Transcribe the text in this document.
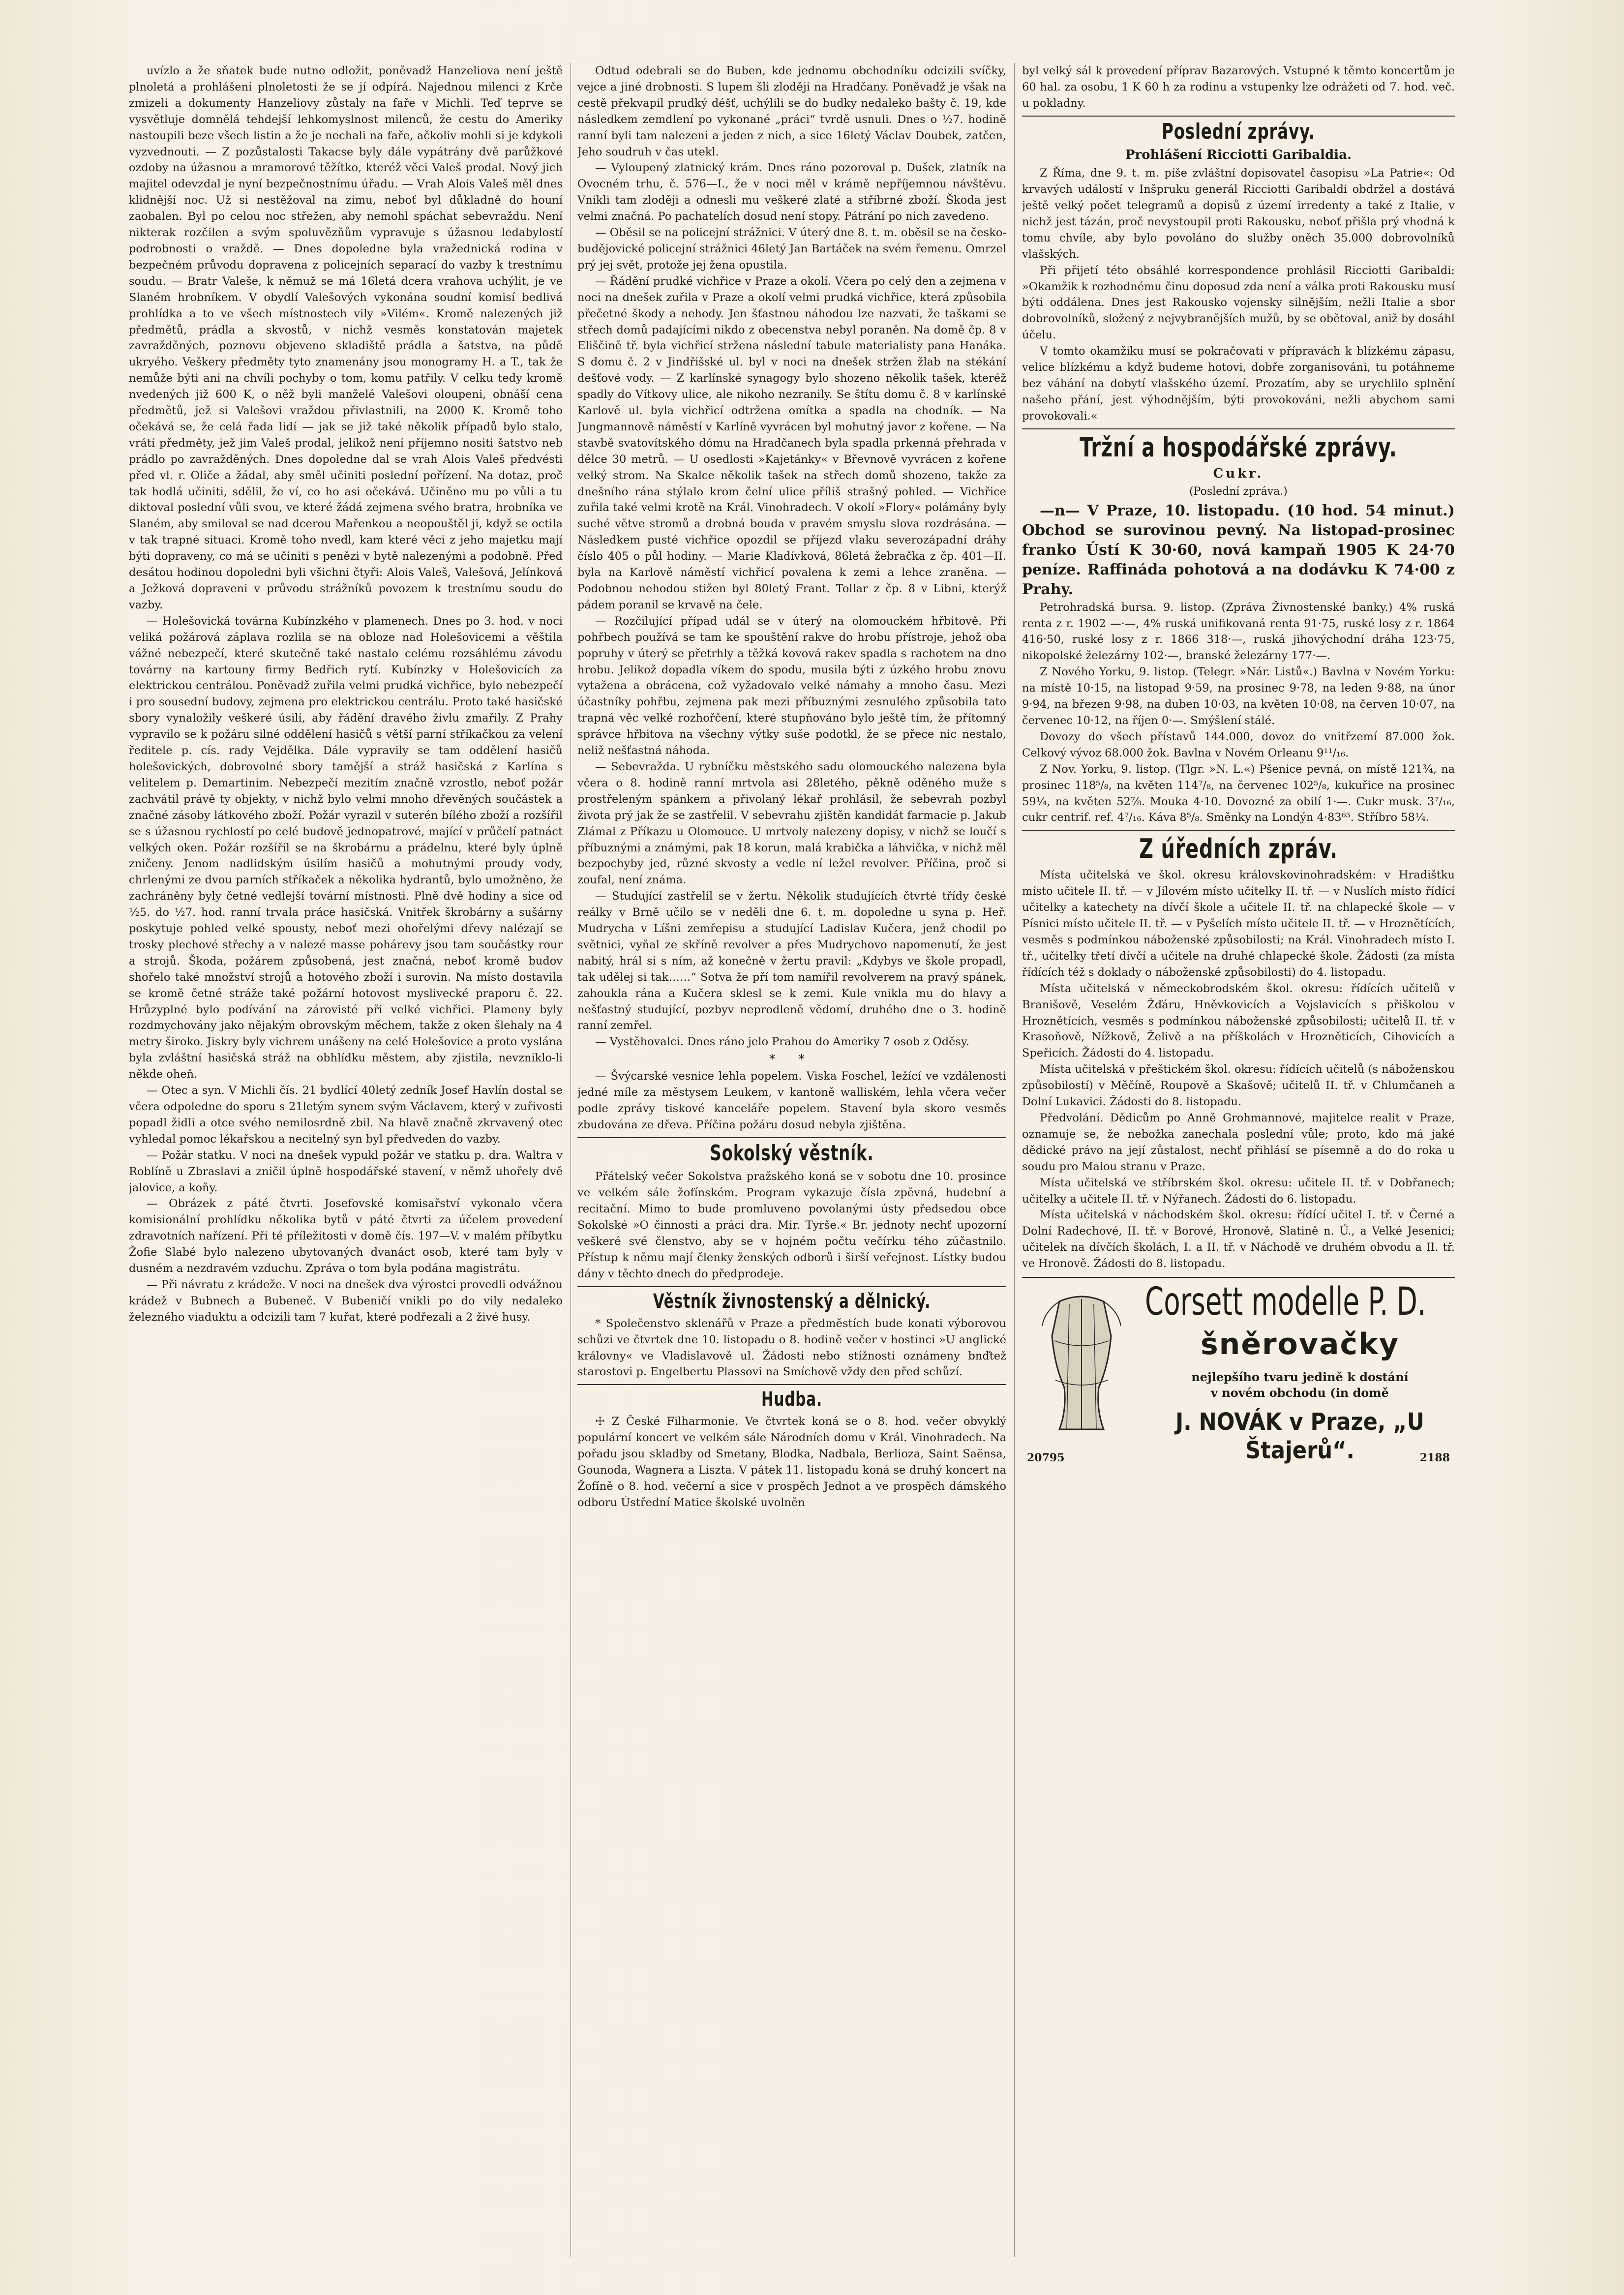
uvízlo a že sňatek bude nutno odložit, poněvadž Hanzeliova není ještě plnoletá a prohlášení plnoletosti že se jí odpírá. Najednou milenci z Krče zmizeli a dokumenty Hanzeliovy zůstaly na faře v Michli. Teď teprve se vysvětluje domnělá tehdejší lehkomyslnost milenců, že cestu do Ameriky nastoupili beze všech listin a že je nechali na faře, ačkoliv mohli si je kdykoli vyzvednouti. — Z pozůstalosti Takacse byly dále vypátrány dvě parůžkové ozdoby na úžasnou a mramorové těžítko, kteréž věci Valeš prodal. Nový jich majitel odevzdal je nyní bezpečnostnímu úřadu. — Vrah Alois Valeš měl dnes klidnější noc. Už si nestěžoval na zimu, neboť byl důkladně do houní zaobalen. Byl po celou noc střežen, aby nemohl spáchat sebevraždu. Není nikterak rozčilen a svým spoluvězňům vypravuje s úžasnou ledabylostí podrobnosti o vraždě. — Dnes dopoledne byla vražednická rodina v bezpečném průvodu dopravena z policejních separací do vazby k trestnímu soudu. — Bratr Valeše, k němuž se má 16letá dcera vrahova uchýlit, je ve Slaném hrobníkem. V obydlí Valešových vykonána soudní komisí bedlivá prohlídka a to ve všech místnostech vily »Vilém«. Kromě nalezených již předmětů, prádla a skvostů, v nichž vesměs konstatován majetek zavražděných, poznovu objeveno skladiště prádla a šatstva, na půdě ukryého. Veškery předměty tyto znamenány jsou monogramy H. a T., tak že nemůže býti ani na chvíli pochyby o tom, komu patřily. V celku tedy kromě nvedených již 600 K, o něž byli manželé Valešovi oloupeni, obnáší cena předmětů, jež si Valešovi vraždou přivlastnili, na 2000 K. Kromě toho očekává se, že celá řada lidí — jak se již také několik případů bylo stalo, vrátí předměty, jež jim Valeš prodal, jelikož není příjemno nositi šatstvo neb prádlo po zavražděných. Dnes dopoledne dal se vrah Alois Valeš předvésti před vl. r. Oliče a žádal, aby směl učiniti poslední pořízení. Na dotaz, proč tak hodlá učiniti, sdělil, že ví, co ho asi očekává. Učiněno mu po vůli a tu diktoval poslední vůli svou, ve které žádá zejmena svého bratra, hrobníka ve Slaném, aby smiloval se nad dcerou Mařenkou a neopouštěl ji, když se octila v tak trapné situaci. Kromě toho nvedl, kam které věci z jeho majetku mají býti dopraveny, co má se učiniti s penězi v bytě nalezenými a podobně. Před desátou hodinou dopoledni byli všichni čtyři: Alois Valeš, Valešová, Jelínková a Ježková dopraveni v průvodu strážníků povozem k trestnímu soudu do vazby.

— Holešovická továrna Kubínzkého v plamenech. Dnes po 3. hod. v noci veliká požárová záplava rozlila se na obloze nad Holešovicemi a věštila vážné nebezpečí, které skutečně také nastalo celému rozsáhlému závodu továrny na kartouny firmy Bedřich rytí. Kubínzky v Holešovicích za elektrickou centrálou. Poněvadž zuřila velmi prudká vichřice, bylo nebezpečí i pro sousední budovy, zejmena pro elektrickou centrálu. Proto také hasičské sbory vynaložily veškeré úsilí, aby řádění dravého živlu zmařily. Z Prahy vypravilo se k požáru silné oddělení hasičů s větší parní stříkačkou za velení ředitele p. cís. rady Vejdělka. Dále vypravily se tam oddělení hasičů holešovických, dobrovolné sbory tamější a stráž hasičská z Karlína s velitelem p. Demartinim. Nebezpečí mezitím značně vzrostlo, neboť požár zachvátil právě ty objekty, v nichž bylo velmi mnoho dřevěných součástek a značné zásoby látkového zboží. Požár vyrazil v suterén bílého zboží a rozšířil se s úžasnou rychlostí po celé budově jednopatrové, mající v průčelí patnáct velkých oken. Požár rozšířil se na škrobárnu a prádelnu, které byly úplně zničeny. Jenom nadlidským úsilím hasičů a mohutnými proudy vody, chrlenými ze dvou parních stříkaček a několika hydrantů, bylo umožněno, že zachráněny byly četné vedlejší tovární místnosti. Plně dvě hodiny a sice od ½5. do ½7. hod. ranní trvala práce hasičská. Vnitřek škrobárny a sušárny poskytuje pohled velké spousty, neboť mezi ohořelými dřevy nalézají se trosky plechové střechy a v nalezé masse pohárevy jsou tam součástky rour a strojů. Škoda, požárem způsobená, jest značná, neboť kromě budov shořelo také množství strojů a hotového zboží i surovin. Na místo dostavila se kromě četné stráže také požární hotovost myslivecké praporu č. 22. Hrůzyplné bylo podívání na zárovisté při velké vichřici. Plameny byly rozdmychovány jako nějakým obrovským měchem, takže z oken šlehaly na 4 metry široko. Jiskry byly vichrem unášeny na celé Holešovice a proto vyslána byla zvláštní hasičská stráž na obhlídku městem, aby zjistila, nevzniklo-li někde oheň.

— Otec a syn. V Michli čís. 21 bydlící 40letý zedník Josef Havlín dostal se včera odpoledne do sporu s 21letým synem svým Václavem, který v zuřivosti popadl židli a otce svého nemilosrdně zbil. Na hlavě značně zkrvavený otec vyhledal pomoc lékařskou a necitelný syn byl předveden do vazby.

— Požár statku. V noci na dnešek vypukl požár ve statku p. dra. Waltra v Roblíně u Zbraslavi a zničil úplně hospodářské stavení, v němž uhořely dvě jalovice, a koňy.

— Obrázek z páté čtvrti. Josefovské komisařství vykonalo včera komisionální prohlídku několika bytů v páté čtvrti za účelem provedení zdravotních nařízení. Při té příležitosti v domě čís. 197—V. v malém příbytku Žofie Slabé bylo nalezeno ubytovaných dvanáct osob, které tam byly v dusném a nezdravém vzduchu. Zpráva o tom byla podána magistrátu.

— Při návratu z krádeže. V noci na dnešek dva výrostci provedli odvážnou krádež v Bubnech a Bubeneč. V Bubeničí vnikli po do vily nedaleko železného viaduktu a odcizili tam 7 kuřat, které podřezali a 2 živé husy.

Odtud odebrali se do Buben, kde jednomu obchodníku odcizili svíčky, vejce a jiné drobnosti. S lupem šli zloději na Hradčany. Poněvadž je však na cestě překvapil prudký déšť, uchýlili se do budky nedaleko bašty č. 19, kde následkem zemdlení po vykonané „práci“ tvrdě usnuli. Dnes o ½7. hodině ranní byli tam nalezeni a jeden z nich, a sice 16letý Václav Doubek, zatčen, Jeho soudruh v čas utekl.

— Vyloupený zlatnický krám. Dnes ráno pozoroval p. Dušek, zlatník na Ovocném trhu, č. 576—I., že v noci měl v krámě nepříjemnou návštěvu. Vnikli tam zloději a odnesli mu veškeré zlaté a stříbrné zboží. Škoda jest velmi značná. Po pachatelích dosud není stopy. Pátrání po nich zavedeno.

— Oběsil se na policejní strážnici. V úterý dne 8. t. m. oběsil se na česko-budějovické policejní strážnici 46letý Jan Bartáček na svém řemenu. Omrzel prý jej svět, protože jej žena opustila.

— Řádění prudké vichřice v Praze a okolí. Včera po celý den a zejmena v noci na dnešek zuřila v Praze a okolí velmi prudká vichřice, která způsobila přečetné škody a nehody. Jen šťastnou náhodou lze nazvati, že taškami se střech domů padajícími nikdo z obecenstva nebyl poraněn. Na domě čp. 8 v Eliščině tř. byla vichřicí stržena následní tabule materialisty pana Hanáka. S domu č. 2 v Jindřišské ul. byl v noci na dnešek stržen žlab na stékání dešťové vody. — Z karlínské synagogy bylo shozeno několik tašek, kteréž spadly do Vítkovy ulice, ale nikoho nezranily. Se štítu domu č. 8 v karlínské Karlově ul. byla vichřicí odtržena omítka a spadla na chodník. — Na Jungmannově náměstí v Karlíně vyvrácen byl mohutný javor z kořene. — Na stavbě svatovítského dómu na Hradčanech byla spadla prkenná přehrada v délce 30 metrů. — U osedlosti »Kajetánky« v Břevnově vyvrácen z kořene velký strom. Na Skalce několik tašek na střech domů shozeno, takže za dnešního rána stýlalo krom čelní ulice příliš strašný pohled. — Vichřice zuřila také velmi krotě na Král. Vinohradech. V okolí »Flory« polámány byly suché větve stromů a drobná bouda v pravém smyslu slova rozdrásána. — Následkem pusté vichřice opozdil se příjezd vlaku severozápadní dráhy číslo 405 o půl hodiny. — Marie Kladívková, 86letá žebračka z čp. 401—II. byla na Karlově náměstí vichřicí povalena k zemi a lehce zraněna. — Podobnou nehodou stižen byl 80letý Frant. Tollar z čp. 8 v Libni, kterýž pádem poranil se krvavě na čele.

— Rozčilující případ udál se v úterý na olomouckém hřbitově. Při pohřbech používá se tam ke spouštění rakve do hrobu přístroje, jehož oba popruhy v úterý se přetrhly a těžká kovová rakev spadla s rachotem na dno hrobu. Jelikož dopadla víkem do spodu, musila býti z úzkého hrobu znovu vytažena a obrácena, což vyžadovalo velké námahy a mnoho času. Mezi účastníky pohřbu, zejmena pak mezi příbuznými zesnulého způsobila tato trapná věc velké rozhořčení, které stupňováno bylo ještě tím, že přítomný správce hřbitova na všechny výtky suše podotkl, že se přece nic nestalo, neliž nešťastná náhoda.

— Sebevražda. U rybníčku městského sadu olomouckého nalezena byla včera o 8. hodině ranní mrtvola asi 28letého, pěkně oděného muže s prostřeleným spánkem a přivolaný lékař prohlásil, že sebevrah pozbyl života prý jak že se zastřelil. V sebevrahu zjištěn kandidát farmacie p. Jakub Zlámal z Příkazu u Olomouce. U mrtvoly nalezeny dopisy, v nichž se loučí s příbuznými a známými, pak 18 korun, malá krabička a láhvička, v nichž měl bezpochyby jed, různé skvosty a vedle ní ležel revolver. Příčina, proč si zoufal, není známa.

— Studující zastřelil se v žertu. Několik studujících čtvrté třídy české reálky v Brně učilo se v neděli dne 6. t. m. dopoledne u syna p. Heř. Mudrycha v Líšni zemřepisu a studující Ladislav Kučera, jenž chodil po světnici, vyňal ze skříně revolver a přes Mudrychovo napomenutí, že jest nabitý, hrál si s ním, až konečně v žertu pravil: „Kdybys ve škole propadl, tak udělej si tak……“ Sotva že pří tom namířil revolverem na pravý spánek, zahoukla rána a Kučera sklesl se k zemi. Kule vnikla mu do hlavy a nešťastný studující, pozbyv neprodleně vědomí, druhého dne o 3. hodině ranní zemřel.

— Vystěhovalci. Dnes ráno jelo Prahou do Ameriky 7 osob z Oděsy.

* *

— Švýcarské vesnice lehla popelem. Viska Foschel, ležící ve vzdálenosti jedné míle za městysem Leukem, v kantoně walliském, lehla včera večer podle zprávy tiskové kanceláře popelem. Stavení byla skoro vesměs zbudována ze dřeva. Příčina požáru dosud nebyla zjištěna.

Sokolský věstník.

Přátelský večer Sokolstva pražského koná se v sobotu dne 10. prosince ve velkém sále žofínském. Program vykazuje čísla zpěvná, hudební a recitační. Mimo to bude promluveno povolanými ústy předsedou obce Sokolské »O činnosti a práci dra. Mir. Tyrše.« Br. jednoty nechť upozorní veškeré své členstvo, aby se v hojném počtu večírku tého zúčastnilo. Přístup k němu mají členky ženských odborů i širší veřejnost. Lístky budou dány v těchto dnech do předprodeje.

Věstník živnostenský a dělnický.

* Společenstvo sklenářů v Praze a předměstích bude konati výborovou schůzi ve čtvrtek dne 10. listopadu o 8. hodině večer v hostinci »U anglické královny« ve Vladislavově ul. Žádosti nebo stížnosti oznámeny bnďtež starostovi p. Engelbertu Plassovi na Smíchově vždy den před schůzí.

Hudba.

☩ Z České Filharmonie. Ve čtvrtek koná se o 8. hod. večer obvyklý populární koncert ve velkém sále Národních domu v Král. Vinohradech. Na pořadu jsou skladby od Smetany, Blodka, Nadbala, Berlioza, Saint Saënsa, Gounoda, Wagnera a Liszta. V pátek 11. listopadu koná se druhý koncert na Žofíně o 8. hod. večerní a sice v prospěch Jednot a ve prospěch dámského odboru Ústřední Matice školské uvolněn

byl velký sál k provedení příprav Bazarových. Vstupné k těmto koncertům je 60 hal. za osobu, 1 K 60 h za rodinu a vstupenky lze odrážeti od 7. hod. več. u pokladny.

Poslední zprávy.
Prohlášení Ricciotti Garibaldia.

Z Říma, dne 9. t. m. píše zvláštní dopisovatel časopisu »La Patrie«: Od krvavých událostí v Inšpruku generál Ricciotti Garibaldi obdržel a dostává ještě velký počet telegramů a dopisů z území irredenty a také z Italie, v nichž jest tázán, proč nevystoupil proti Rakousku, neboť přišla prý vhodná k tomu chvíle, aby bylo povoláno do služby oněch 35.000 dobrovolníků vlašských.

Při přijetí této obsáhlé korrespondence prohlásil Ricciotti Garibaldi: »Okamžik k rozhodnému činu doposud zda není a válka proti Rakousku musí býti oddálena. Dnes jest Rakousko vojensky silnějším, nežli Italie a sbor dobrovolníků, složený z nejvybranějších mužů, by se obětoval, aniž by dosáhl účelu.

V tomto okamžiku musí se pokračovati v přípravách k blízkému zápasu, velice blízkému a když budeme hotovi, dobře zorganisováni, tu potáhneme bez váhání na dobytí vlašského území. Prozatím, aby se urychlilo splnění našeho přání, jest výhodnějším, býti provokováni, nežli abychom sami provokovali.«

Tržní a hospodářské zprávy.
Cukr.
(Poslední zpráva.)

—n— V Praze, 10. listopadu. (10 hod. 54 minut.) Obchod se surovinou pevný. Na listopad-prosinec franko Ústí K 30·60, nová kampaň 1905 K 24·70 peníze. Raffináda pohotová a na dodávku K 74·00 z Prahy.

Petrohradská bursa. 9. listop. (Zpráva Živnostenské banky.) 4% ruská renta z r. 1902 —·—, 4% ruská unifikovaná renta 91·75, ruské losy z r. 1864 416·50, ruské losy z r. 1866 318·—, ruská jihovýchodní dráha 123·75, nikopolské železárny 102·—, branské železárny 177·—.

Z Nového Yorku, 9. listop. (Telegr. »Nár. Listů«.) Bavlna v Novém Yorku: na místě 10·15, na listopad 9·59, na prosinec 9·78, na leden 9·88, na únor 9·94, na březen 9·98, na duben 10·03, na květen 10·08, na červen 10·07, na červenec 10·12, na říjen 0·—. Smýšlení stálé.

Dovozy do všech přístavů 144.000, dovoz do vnitřzemí 87.000 žok. Celkový vývoz 68.000 žok. Bavlna v Novém Orleanu 9¹¹/₁₆.

Z Nov. Yorku, 9. listop. (Tlgr. »N. L.«) Pšenice pevná, on místě 121¾, na prosinec 118⁵/₈, na květen 114⁷/₈, na červenec 102⁵/₈, kukuřice na prosinec 59¼, na květen 52⅞. Mouka 4·10. Dovozné za obilí 1·—. Cukr musk. 3⁷/₁₆, cukr centrif. ref. 4⁷/₁₆. Káva 8⁵/₈. Směnky na Londýn 4·83⁶⁵. Stříbro 58¼.

Z úředních zpráv.

Místa učitelská ve škol. okresu královskovinohradském: v Hradištku místo učitele II. tř. — v Jílovém místo učitelky II. tř. — v Nuslích místo řídící učitelky a katechety na dívčí škole a učitele II. tř. na chlapecké škole — v Písnici místo učitele II. tř. — v Pyšelích místo učitele II. tř. — v Hroznětících, vesměs s podmínkou náboženské způsobilosti; na Král. Vinohradech místo I. tř., učitelky třetí dívčí a učitele na druhé chlapecké škole. Žádosti (za místa řídících též s doklady o náboženské způsobilosti) do 4. listopadu.

Místa učitelská v německobrodském škol. okresu: řídících učitelů v Branišově, Veselém Žďáru, Hněvkovicích a Vojslavicích s přiškolou v Hroznětících, vesměs s podmínkou náboženské způsobilosti; učitelů II. tř. v Krasoňově, Nížkově, Želivě a na příškolách v Hrozněticích, Cihovicích a Speřicích. Žádosti do 4. listopadu.

Místa učitelská v přeštickém škol. okresu: řídících učitelů (s náboženskou způsobilostí) v Měčíně, Roupově a Skašově; učitelů II. tř. v Chlumčaneh a Dolní Lukavici. Žádosti do 8. listopadu.

Předvolání. Dědicům po Anně Grohmannové, majitelce realit v Praze, oznamuje se, že nebožka zanechala poslední vůle; proto, kdo má jaké dědické právo na její zůstalost, nechť přihlásí se písemně a do do roka u soudu pro Malou stranu v Praze.

Místa učitelská ve stříbrském škol. okresu: učitele II. tř. v Dobřanech; učitelky a učitele II. tř. v Nýřanech. Žádosti do 6. listopadu.

Místa učitelská v náchodském škol. okresu: řídící učitel I. tř. v Černé a Dolní Radechové, II. tř. v Borové, Hronově, Slatině n. Ú., a Velké Jesenici; učitelek na dívčích školách, I. a II. tř. v Náchodě ve druhém obvodu a II. tř. ve Hronově. Žádosti do 8. listopadu.

Corsett modelle P. D.
šněrovačky
nejlepšího tvaru jedině k dostání
v novém obchodu (in domě
J. NOVÁK v Praze, „U Štajerů“.
20795	2188
